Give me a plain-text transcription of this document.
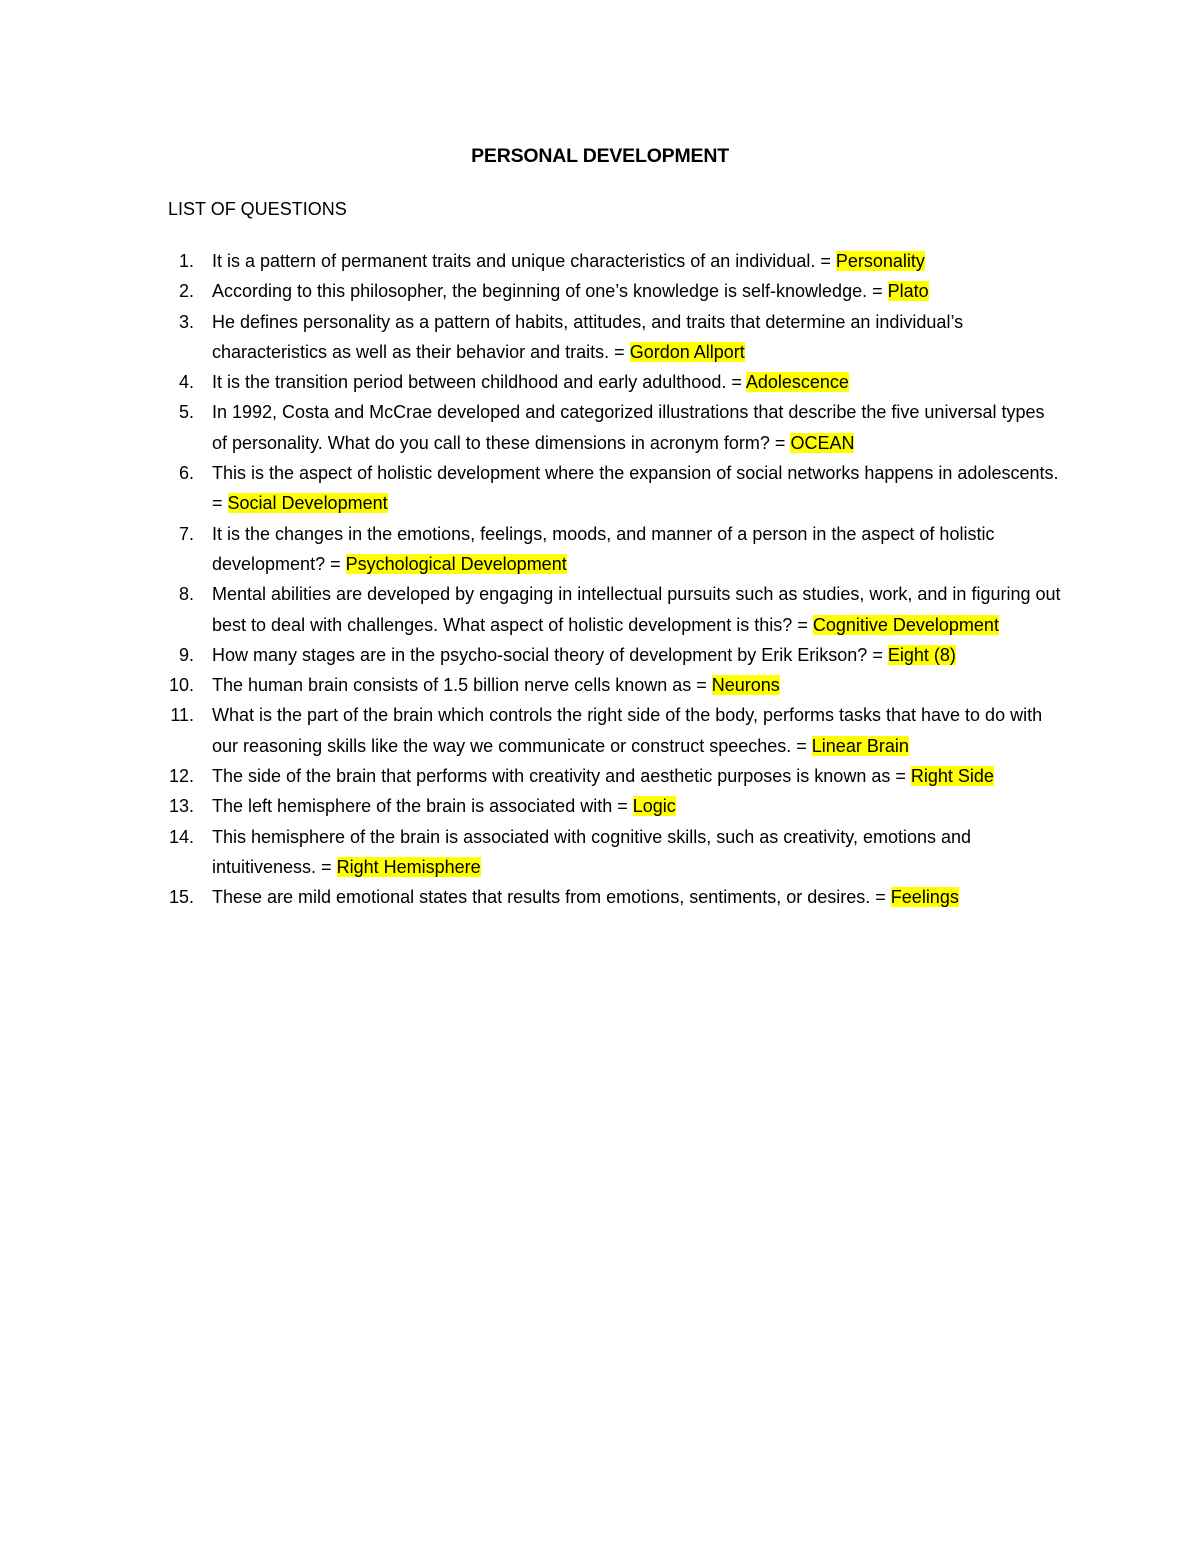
PERSONAL DEVELOPMENT

LIST OF QUESTIONS

1. It is a pattern of permanent traits and unique characteristics of an individual. = Personality
2. According to this philosopher, the beginning of one’s knowledge is self-knowledge. = Plato
3. He defines personality as a pattern of habits, attitudes, and traits that determine an individual’s characteristics as well as their behavior and traits. = Gordon Allport
4. It is the transition period between childhood and early adulthood. = Adolescence
5. In 1992, Costa and McCrae developed and categorized illustrations that describe the five universal types of personality. What do you call to these dimensions in acronym form? = OCEAN
6. This is the aspect of holistic development where the expansion of social networks happens in adolescents. = Social Development
7. It is the changes in the emotions, feelings, moods, and manner of a person in the aspect of holistic development? = Psychological Development
8. Mental abilities are developed by engaging in intellectual pursuits such as studies, work, and in figuring out best to deal with challenges. What aspect of holistic development is this? = Cognitive Development
9. How many stages are in the psycho-social theory of development by Erik Erikson? = Eight (8)
10. The human brain consists of 1.5 billion nerve cells known as = Neurons
11. What is the part of the brain which controls the right side of the body, performs tasks that have to do with our reasoning skills like the way we communicate or construct speeches. = Linear Brain
12. The side of the brain that performs with creativity and aesthetic purposes is known as = Right Side
13. The left hemisphere of the brain is associated with = Logic
14. This hemisphere of the brain is associated with cognitive skills, such as creativity, emotions and intuitiveness. = Right Hemisphere
15. These are mild emotional states that results from emotions, sentiments, or desires. = Feelings
